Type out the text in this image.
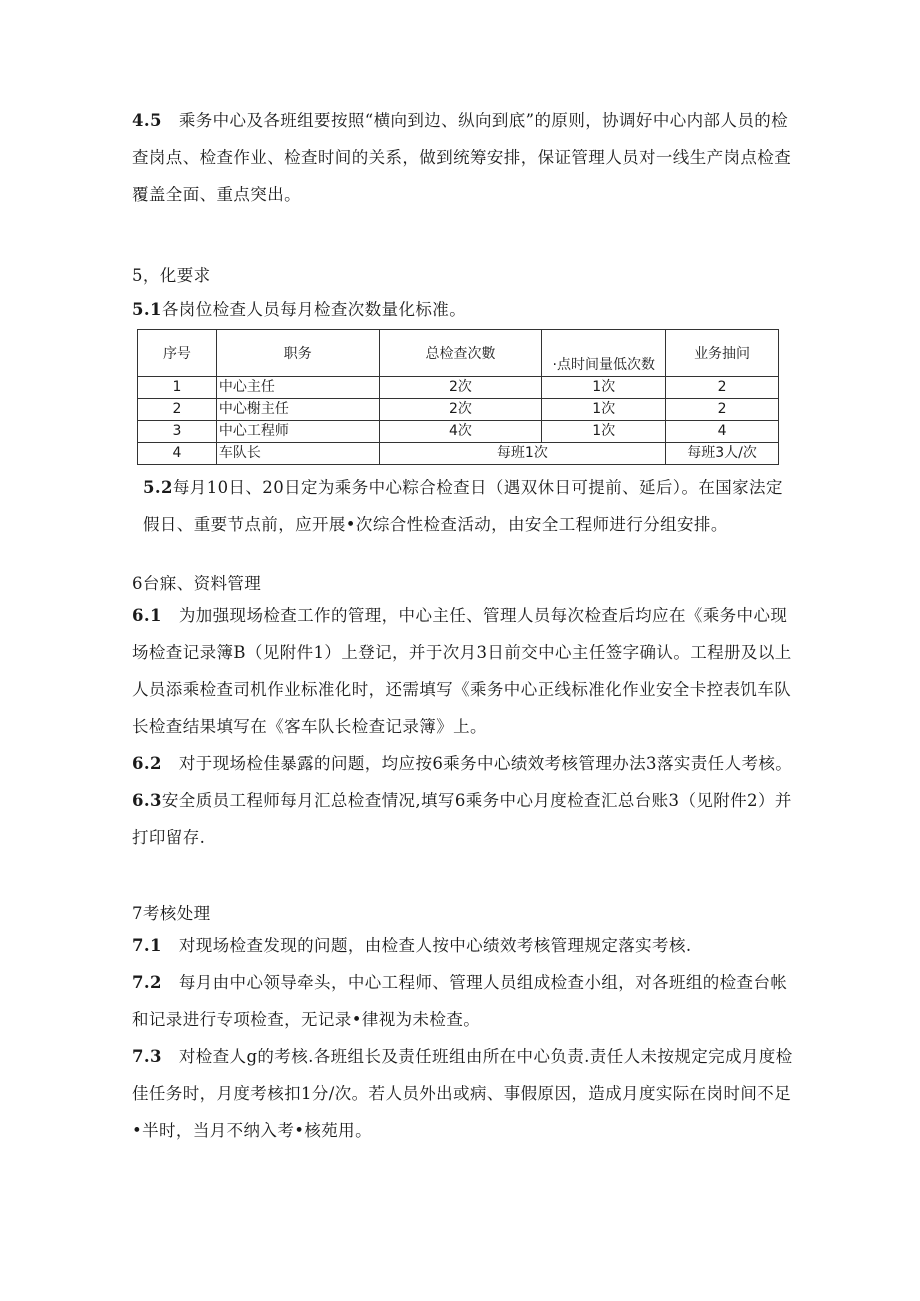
4.5 乘务中心及各班组要按照“横向到边、纵向到底”的原则，协调好中心内部人员的检查岗点、检查作业、检查时间的关系，做到统筹安排，保证管理人员对一线生产岗点检查覆盖全面、重点突出。

5，化要求

5.1各岗位检查人员每月检查次数量化标准。

序号	职务	总检查次數	·点时间量低次数	业务抽问
1	中心主任	2次	1次	2
2	中心榭主任	2次	1次	2
3	中心工程师	4次	1次	4
4	车队长	每班1次		每班3人/次

5.2每月10日、20日定为乘务中心粽合检查日（遇双休日可提前、延后）。在国家法定假日、重要节点前，应开展•次综合性检查活动，由安全工程师进行分组安排。

6台寐、资料管理

6.1 为加强现场检查工作的管理，中心主任、管理人员每次检查后均应在《乘务中心现场检查记录簿B（见附件1）上登记，并于次月3日前交中心主任签字确认。工程册及以上人员添乘检查司机作业标准化时，还需填写《乘务中心正线标准化作业安全卡控表饥车队长检查结果填写在《客车队长检查记录簿》上。

6.2 对于现场检佳暴露的问题，均应按6乘务中心绩效考核管理办法3落实责任人考核。

6.3安全质员工程师每月汇总检查情况,填写6乘务中心月度检查汇总台账3（见附件2）并打印留存.

7考核处理

7.1 对现场检查发现的问题，由检查人按中心绩效考核管理规定落实考核.

7.2 每月由中心领导牵头，中心工程师、管理人员组成检查小组，对各班组的检查台帐和记录进行专项检查，无记录•律视为未检查。

7.3 对检查人g的考核.各班组长及责任班组由所在中心负责.责任人未按规定完成月度检佳任务时，月度考核扣1分/次。若人员外出或病、事假原因，造成月度实际在岗时间不足•半时，当月不纳入考•核苑用。
